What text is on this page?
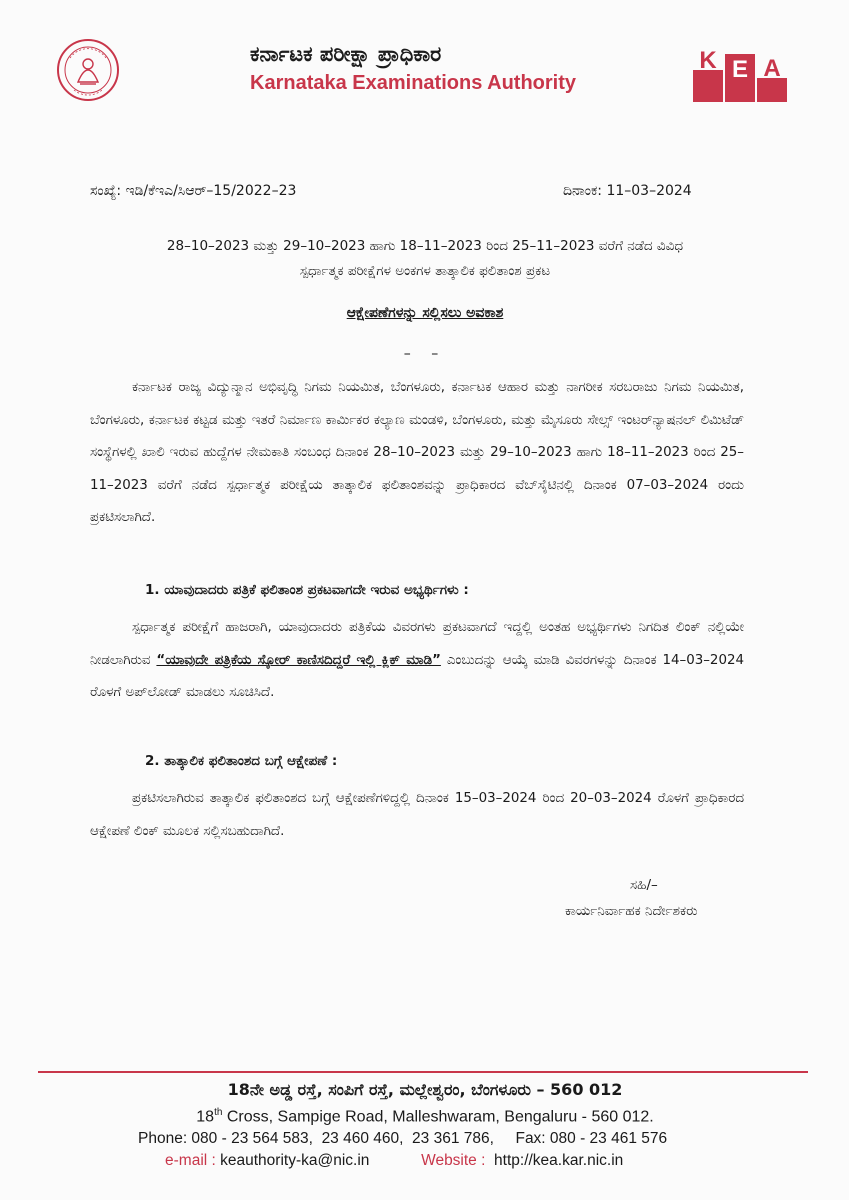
ಕರ್ನಾಟಕ ಪರೀಕ್ಷಾ ಪ್ರಾಧಿಕಾರ
Karnataka Examinations Authority
K E A
ಸಂಖ್ಯೆ: ಇಡಿ/ಕೆಇಎ/ಸಿಆರ್‌–15/2022–23	ದಿನಾಂಕ: 11–03–2024
28–10–2023 ಮತ್ತು 29–10–2023 ಹಾಗು 18–11–2023 ರಿಂದ 25–11–2023 ವರೆಗೆ ನಡೆದ ವಿವಿಧ
ಸ್ಪರ್ಧಾತ್ಮಕ ಪರೀಕ್ಷೆಗಳ ಅಂಕಗಳ ತಾತ್ಕಾಲಿಕ ಫಲಿತಾಂಶ ಪ್ರಕಟ
ಆಕ್ಷೇಪಣೆಗಳನ್ನು ಸಲ್ಲಿಸಲು ಅವಕಾಶ
– –

ಕರ್ನಾಟಕ ರಾಜ್ಯ ವಿದ್ಯುನ್ಮಾನ ಅಭಿವೃದ್ಧಿ ನಿಗಮ ನಿಯಮಿತ, ಬೆಂಗಳೂರು, ಕರ್ನಾಟಕ ಆಹಾರ ಮತ್ತು ನಾಗರೀಕ ಸರಬರಾಜು ನಿಗಮ ನಿಯಮಿತ, ಬೆಂಗಳೂರು, ಕರ್ನಾಟಕ ಕಟ್ಟಡ ಮತ್ತು ಇತರೆ ನಿರ್ಮಾಣ ಕಾರ್ಮಿಕರ ಕಲ್ಯಾಣ ಮಂಡಳಿ, ಬೆಂಗಳೂರು, ಮತ್ತು ಮೈಸೂರು ಸೇಲ್ಸ್ ಇಂಟರ್‌ನ್ಯಾಷನಲ್ ಲಿಮಿಟೆಡ್ ಸಂಸ್ಥೆಗಳಲ್ಲಿ ಖಾಲಿ ಇರುವ ಹುದ್ದೆಗಳ ನೇಮಕಾತಿ ಸಂಬಂಧ ದಿನಾಂಕ 28–10–2023 ಮತ್ತು 29–10–2023 ಹಾಗು 18–11–2023 ರಿಂದ 25–11–2023 ವರೆಗೆ ನಡೆದ ಸ್ಪರ್ಧಾತ್ಮಕ ಪರೀಕ್ಷೆಯ ತಾತ್ಕಾಲಿಕ ಫಲಿತಾಂಶವನ್ನು ಪ್ರಾಧಿಕಾರದ ವೆಬ್‌ಸೈಟಿನಲ್ಲಿ ದಿನಾಂಕ 07–03–2024 ರಂದು ಪ್ರಕಟಿಸಲಾಗಿದೆ.

1. ಯಾವುದಾದರು ಪತ್ರಿಕೆ ಫಲಿತಾಂಶ ಪ್ರಕಟವಾಗದೇ ಇರುವ ಅಭ್ಯರ್ಥಿಗಳು :

ಸ್ಪರ್ಧಾತ್ಮಕ ಪರೀಕ್ಷೆಗೆ ಹಾಜರಾಗಿ, ಯಾವುದಾದರು ಪತ್ರಿಕೆಯ ವಿವರಗಳು ಪ್ರಕಟವಾಗದೆ ಇದ್ದಲ್ಲಿ ಅಂತಹ ಅಭ್ಯರ್ಥಿಗಳು ನಿಗದಿತ ಲಿಂಕ್ ನಲ್ಲಿಯೇ ನೀಡಲಾಗಿರುವ “ಯಾವುದೇ ಪತ್ರಿಕೆಯ ಸ್ಕೋರ್ ಕಾಣಿಸದಿದ್ದರೆ ಇಲ್ಲಿ ಕ್ಲಿಕ್ ಮಾಡಿ” ಎಂಬುದನ್ನು ಆಯ್ಕೆ ಮಾಡಿ ವಿವರಗಳನ್ನು ದಿನಾಂಕ 14–03–2024 ರೊಳಗೆ ಅಪ್‌ಲೋಡ್ ಮಾಡಲು ಸೂಚಿಸಿದೆ.

2. ತಾತ್ಕಾಲಿಕ ಫಲಿತಾಂಶದ ಬಗ್ಗೆ ಆಕ್ಷೇಪಣೆ :

ಪ್ರಕಟಿಸಲಾಗಿರುವ ತಾತ್ಕಾಲಿಕ ಫಲಿತಾಂಶದ ಬಗ್ಗೆ ಆಕ್ಷೇಪಣೆಗಳಿದ್ದಲ್ಲಿ ದಿನಾಂಕ 15–03–2024 ರಿಂದ 20–03–2024 ರೊಳಗೆ ಪ್ರಾಧಿಕಾರದ ಆಕ್ಷೇಪಣೆ ಲಿಂಕ್ ಮೂಲಕ ಸಲ್ಲಿಸಬಹುದಾಗಿದೆ.

ಸಹಿ/–
ಕಾರ್ಯನಿರ್ವಾಹಕ ನಿರ್ದೇಶಕರು
18ನೇ ಅಡ್ಡ ರಸ್ತೆ, ಸಂಪಿಗೆ ರಸ್ತೆ, ಮಲ್ಲೇಶ್ವರಂ, ಬೆಂಗಳೂರು – 560 012
18th Cross, Sampige Road, Malleshwaram, Bengaluru - 560 012.
Phone: 080 - 23 564 583,  23 460 460,  23 361 786,     Fax: 080 - 23 461 576
e-mail : keauthority-ka@nic.in	Website :  http://kea.kar.nic.in
